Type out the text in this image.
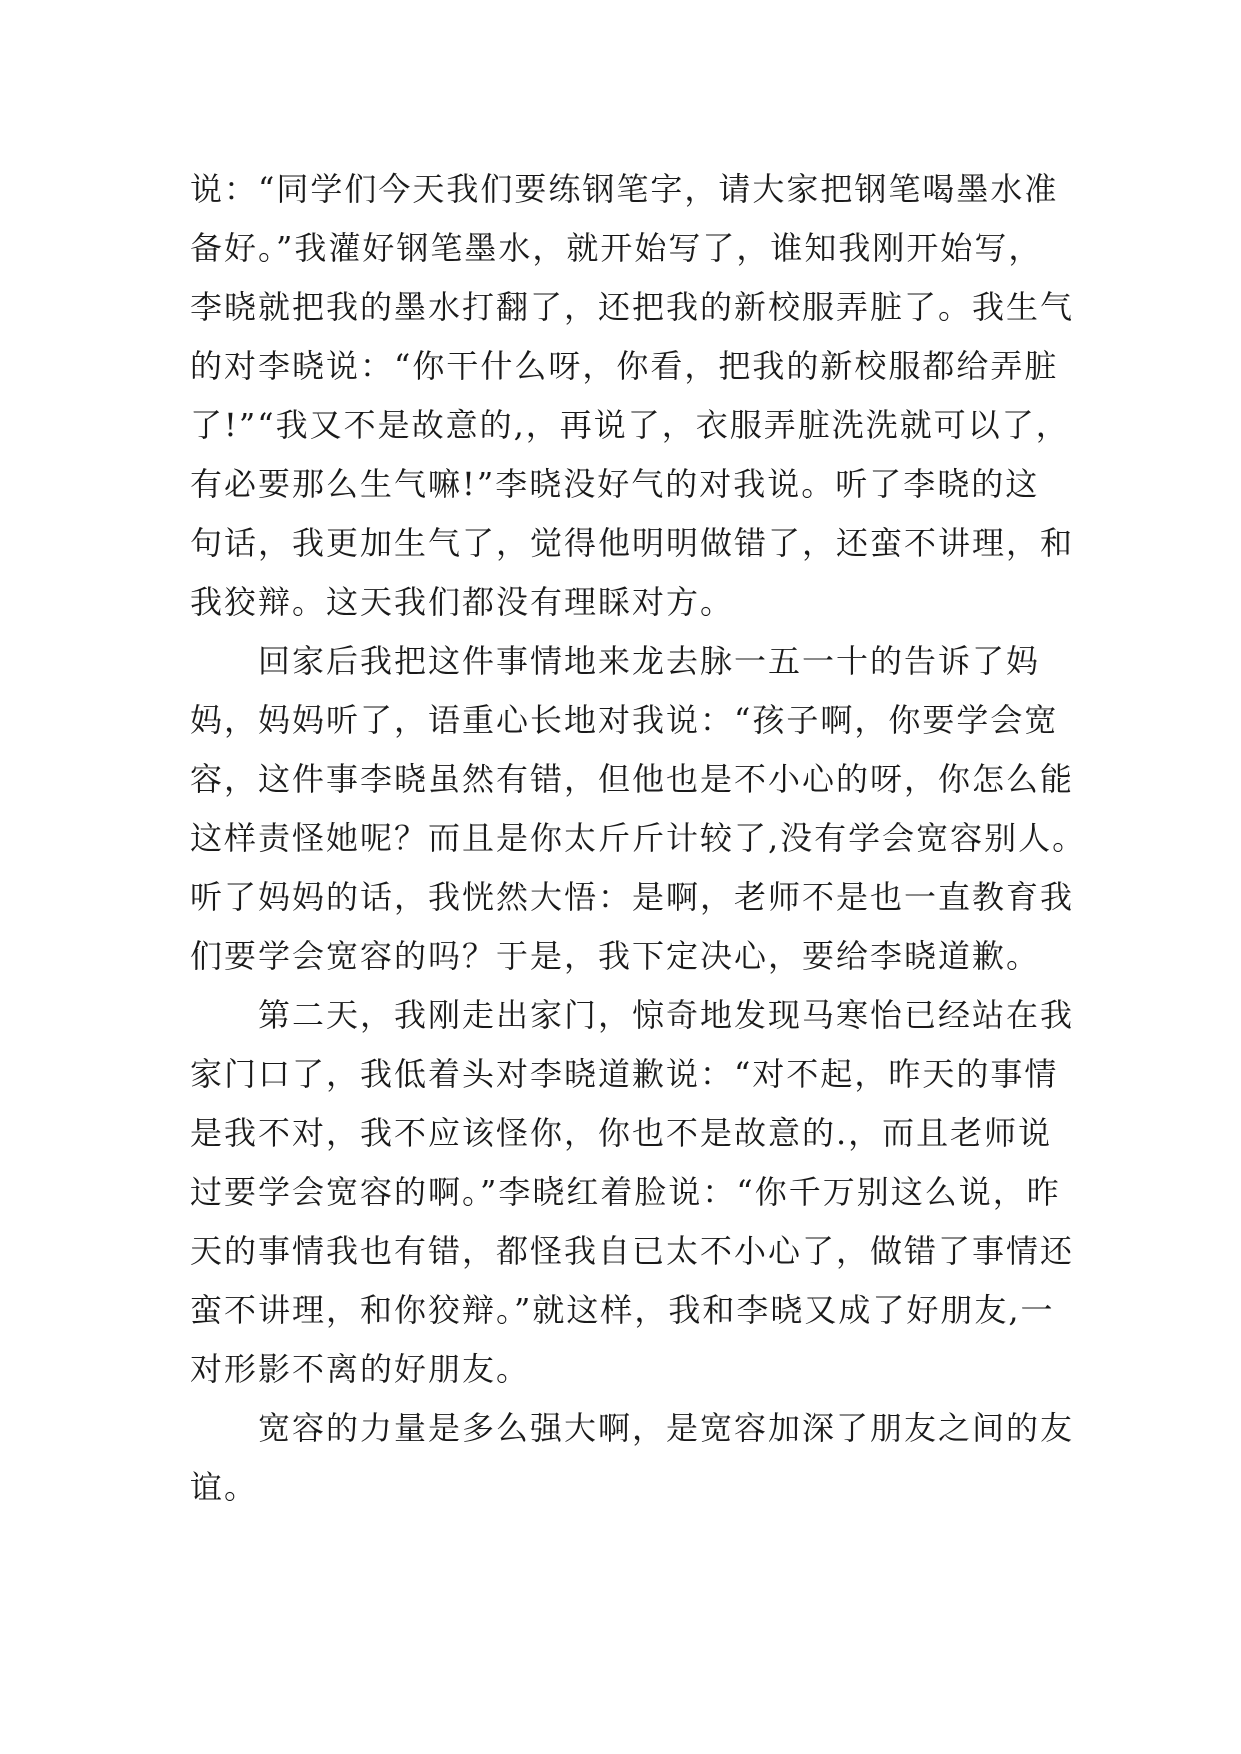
说：“同学们今天我们要练钢笔字，请大家把钢笔喝墨水准
备好。”我灌好钢笔墨水，就开始写了，谁知我刚开始写，
李晓就把我的墨水打翻了，还把我的新校服弄脏了。我生气
的对李晓说：“你干什么呀，你看，把我的新校服都给弄脏
了!”“我又不是故意的,，再说了，衣服弄脏洗洗就可以了，
有必要那么生气嘛!”李晓没好气的对我说。听了李晓的这
句话，我更加生气了，觉得他明明做错了，还蛮不讲理，和
我狡辩。这天我们都没有理睬对方。
回家后我把这件事情地来龙去脉一五一十的告诉了妈
妈，妈妈听了，语重心长地对我说：“孩子啊，你要学会宽
容，这件事李晓虽然有错，但他也是不小心的呀，你怎么能
这样责怪她呢？而且是你太斤斤计较了,没有学会宽容别人。
听了妈妈的话，我恍然大悟：是啊，老师不是也一直教育我
们要学会宽容的吗？于是，我下定决心，要给李晓道歉。
第二天，我刚走出家门，惊奇地发现马寒怡已经站在我
家门口了，我低着头对李晓道歉说：“对不起，昨天的事情
是我不对，我不应该怪你，你也不是故意的.，而且老师说
过要学会宽容的啊。”李晓红着脸说：“你千万别这么说，昨
天的事情我也有错，都怪我自已太不小心了，做错了事情还
蛮不讲理，和你狡辩。”就这样，我和李晓又成了好朋友,一
对形影不离的好朋友。
宽容的力量是多么强大啊，是宽容加深了朋友之间的友
谊。
